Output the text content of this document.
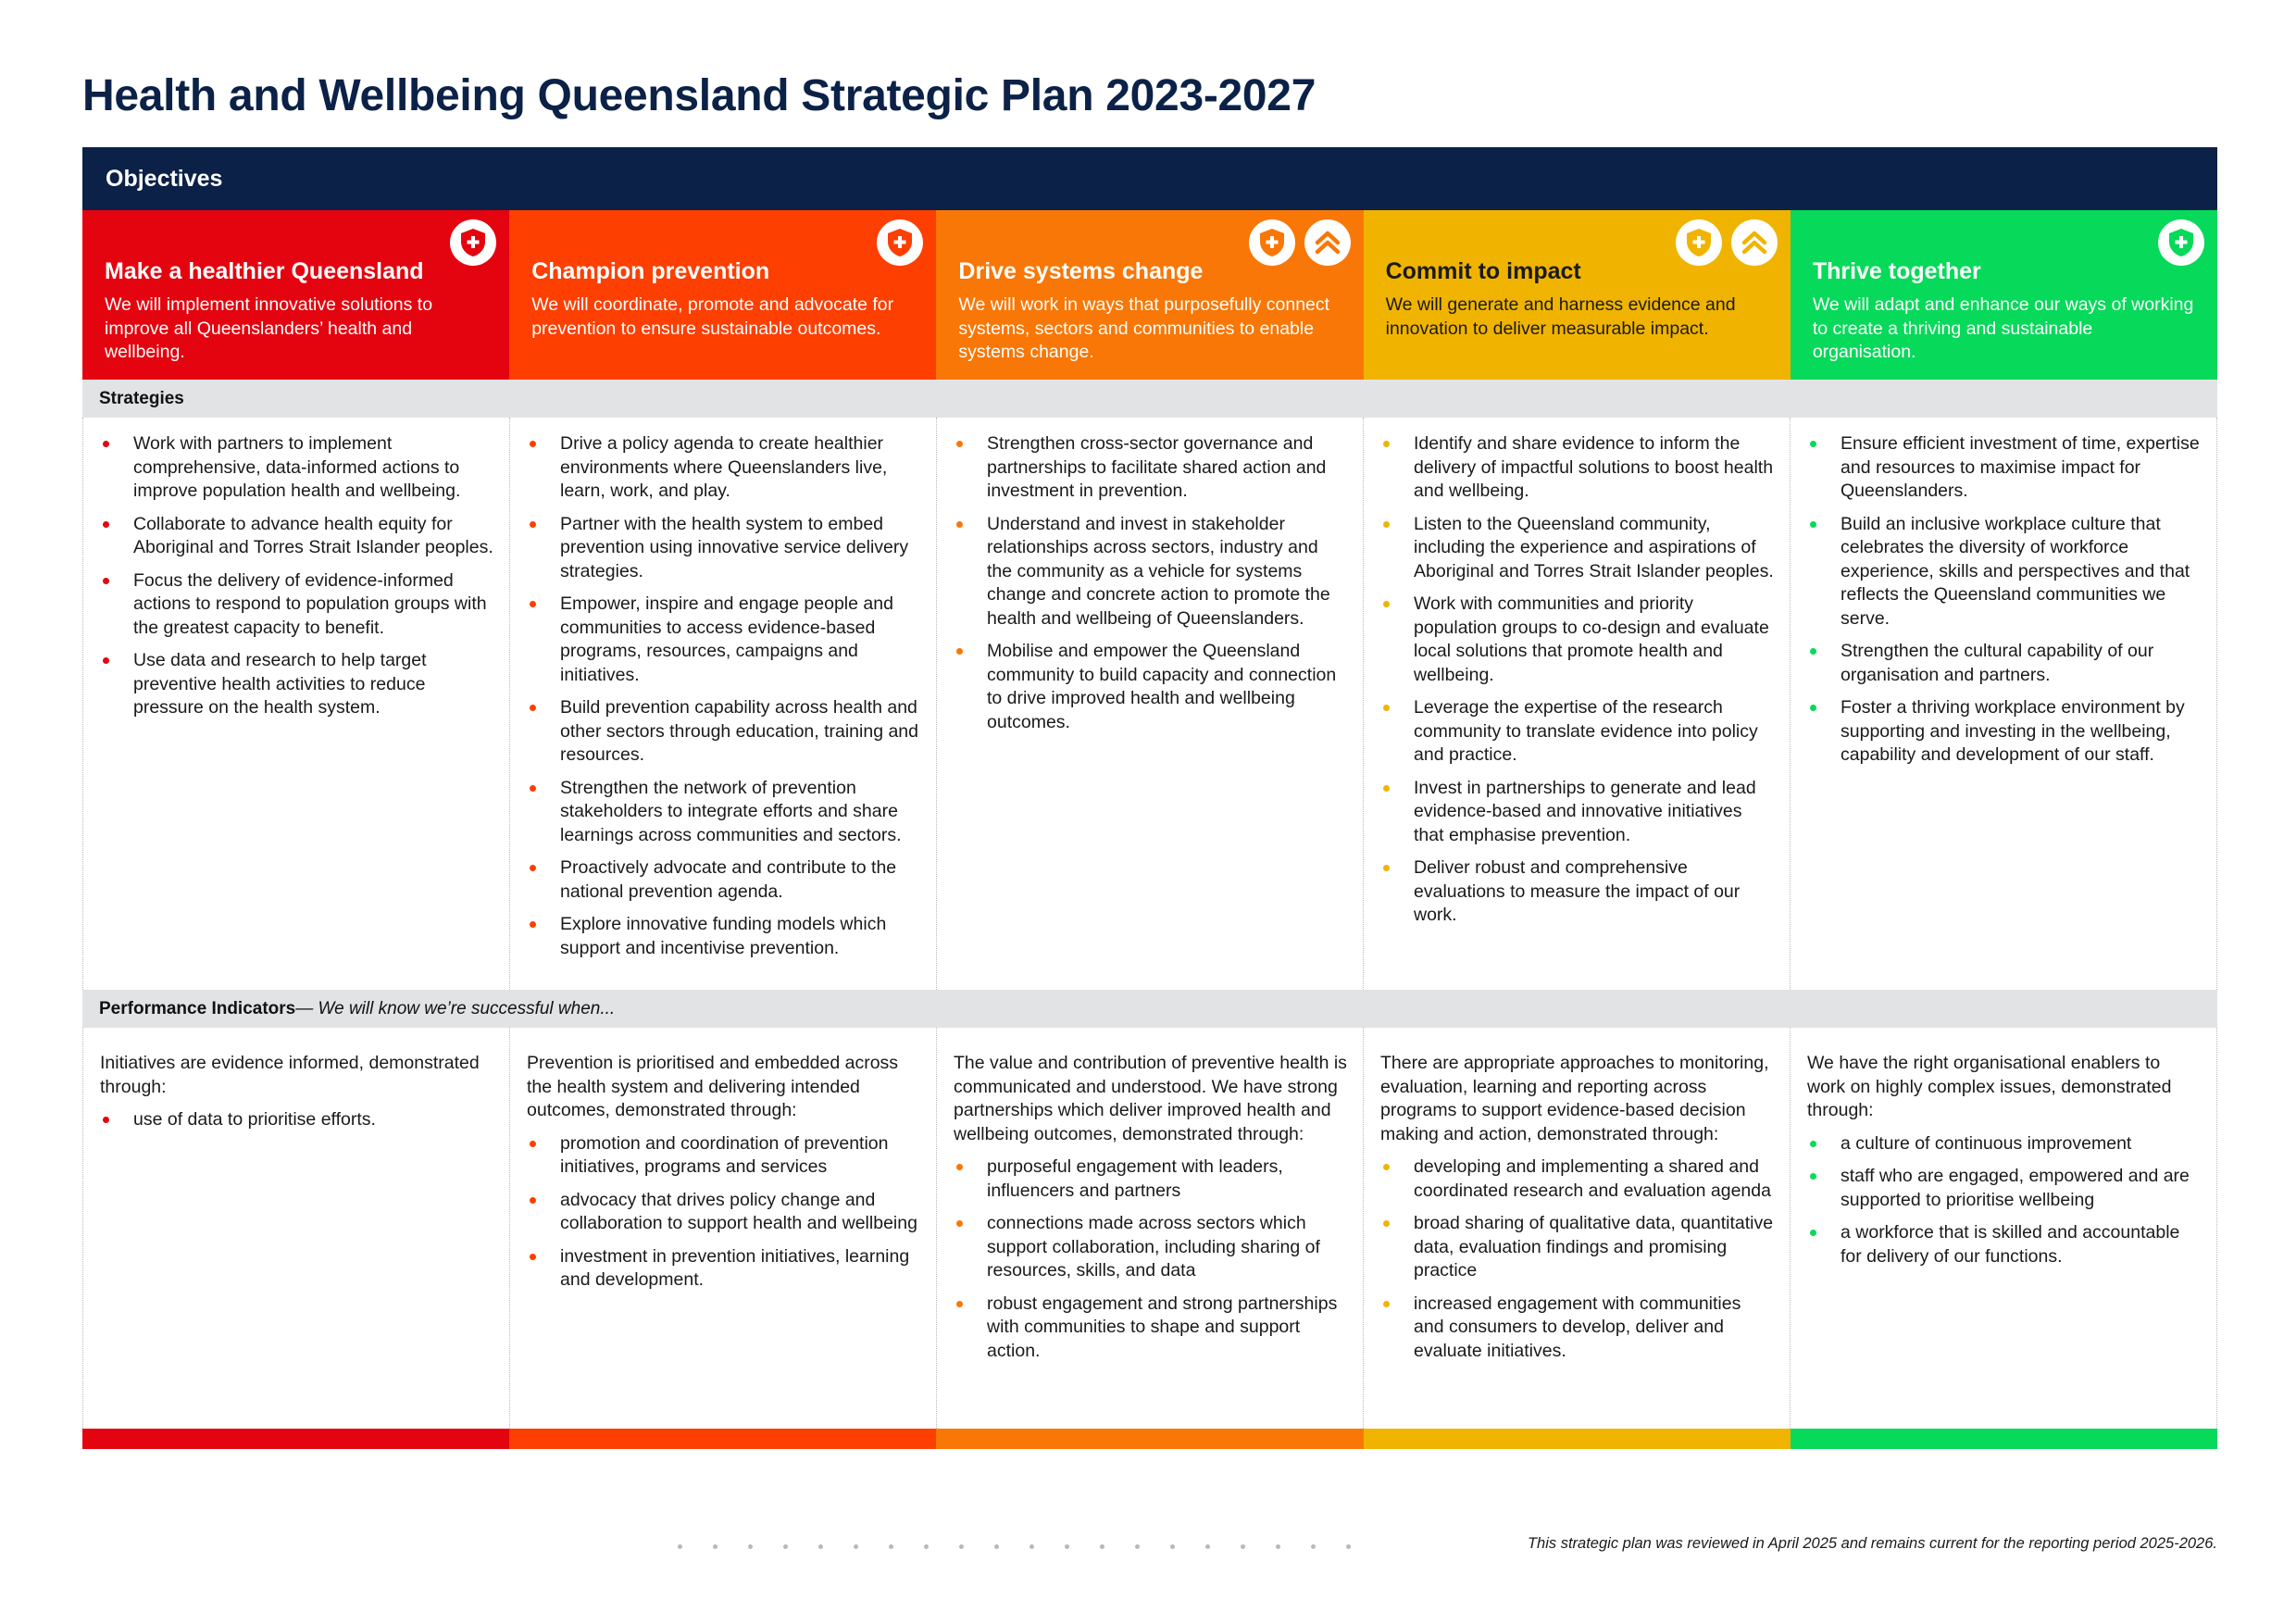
Health and Wellbeing Queensland Strategic Plan 2023-2027
Objectives
Make a healthier Queensland

We will implement innovative solutions to improve all Queenslanders’ health and wellbeing.

Champion prevention

We will coordinate, promote and advocate for prevention to ensure sustainable outcomes.

Drive systems change

We will work in ways that purposefully connect systems, sectors and communities to enable systems change.

Commit to impact

We will generate and harness evidence and innovation to deliver measurable impact.

Thrive together

We will adapt and enhance our ways of working to create a thriving and sustainable organisation.

Strategies
Work with partners to implement comprehensive, data-informed actions to improve population health and wellbeing.
Collaborate to advance health equity for Aboriginal and Torres Strait Islander peoples.
Focus the delivery of evidence-informed actions to respond to population groups with the greatest capacity to benefit.
Use data and research to help target preventive health activities to reduce pressure on the health system.
Drive a policy agenda to create healthier environments where Queenslanders live, learn, work, and play.
Partner with the health system to embed prevention using innovative service delivery strategies.
Empower, inspire and engage people and communities to access evidence-based programs, resources, campaigns and initiatives.
Build prevention capability across health and other sectors through education, training and resources.
Strengthen the network of prevention stakeholders to integrate efforts and share learnings across communities and sectors.
Proactively advocate and contribute to the national prevention agenda.
Explore innovative funding models which support and incentivise prevention.
Strengthen cross-sector governance and partnerships to facilitate shared action and investment in prevention.
Understand and invest in stakeholder relationships across sectors, industry and the community as a vehicle for systems change and concrete action to promote the health and wellbeing of Queenslanders.
Mobilise and empower the Queensland community to build capacity and connection to drive improved health and wellbeing outcomes.
Identify and share evidence to inform the delivery of impactful solutions to boost health and wellbeing.
Listen to the Queensland community, including the experience and aspirations of Aboriginal and Torres Strait Islander peoples.
Work with communities and priority population groups to co-design and evaluate local solutions that promote health and wellbeing.
Leverage the expertise of the research community to translate evidence into policy and practice.
Invest in partnerships to generate and lead evidence-based and innovative initiatives that emphasise prevention.
Deliver robust and comprehensive evaluations to measure the impact of our work.
Ensure efficient investment of time, expertise and resources to maximise impact for Queenslanders.
Build an inclusive workplace culture that celebrates the diversity of workforce experience, skills and perspectives and that reflects the Queensland communities we serve.
Strengthen the cultural capability of our organisation and partners.
Foster a thriving workplace environment by supporting and investing in the wellbeing, capability and development of our staff.
Performance Indicators — We will know we’re successful when...
Initiatives are evidence informed, demonstrated through:
use of data to prioritise efforts.
Prevention is prioritised and embedded across the health system and delivering intended outcomes, demonstrated through:
promotion and coordination of prevention initiatives, programs and services
advocacy that drives policy change and collaboration to support health and wellbeing
investment in prevention initiatives, learning and development.
The value and contribution of preventive health is communicated and understood. We have strong partnerships which deliver improved health and wellbeing outcomes, demonstrated through:
purposeful engagement with leaders, influencers and partners
connections made across sectors which support collaboration, including sharing of resources, skills, and data
robust engagement and strong partnerships with communities to shape and support action.
There are appropriate approaches to monitoring, evaluation, learning and reporting across programs to support evidence-based decision making and action, demonstrated through:
developing and implementing a shared and coordinated research and evaluation agenda
broad sharing of qualitative data, quantitative data, evaluation findings and promising practice
increased engagement with communities and consumers to develop, deliver and evaluate initiatives.
We have the right organisational enablers to work on highly complex issues, demonstrated through:
a culture of continuous improvement
staff who are engaged, empowered and are supported to prioritise wellbeing
a workforce that is skilled and accountable for delivery of our functions.
This strategic plan was reviewed in April 2025 and remains current for the reporting period 2025-2026.
